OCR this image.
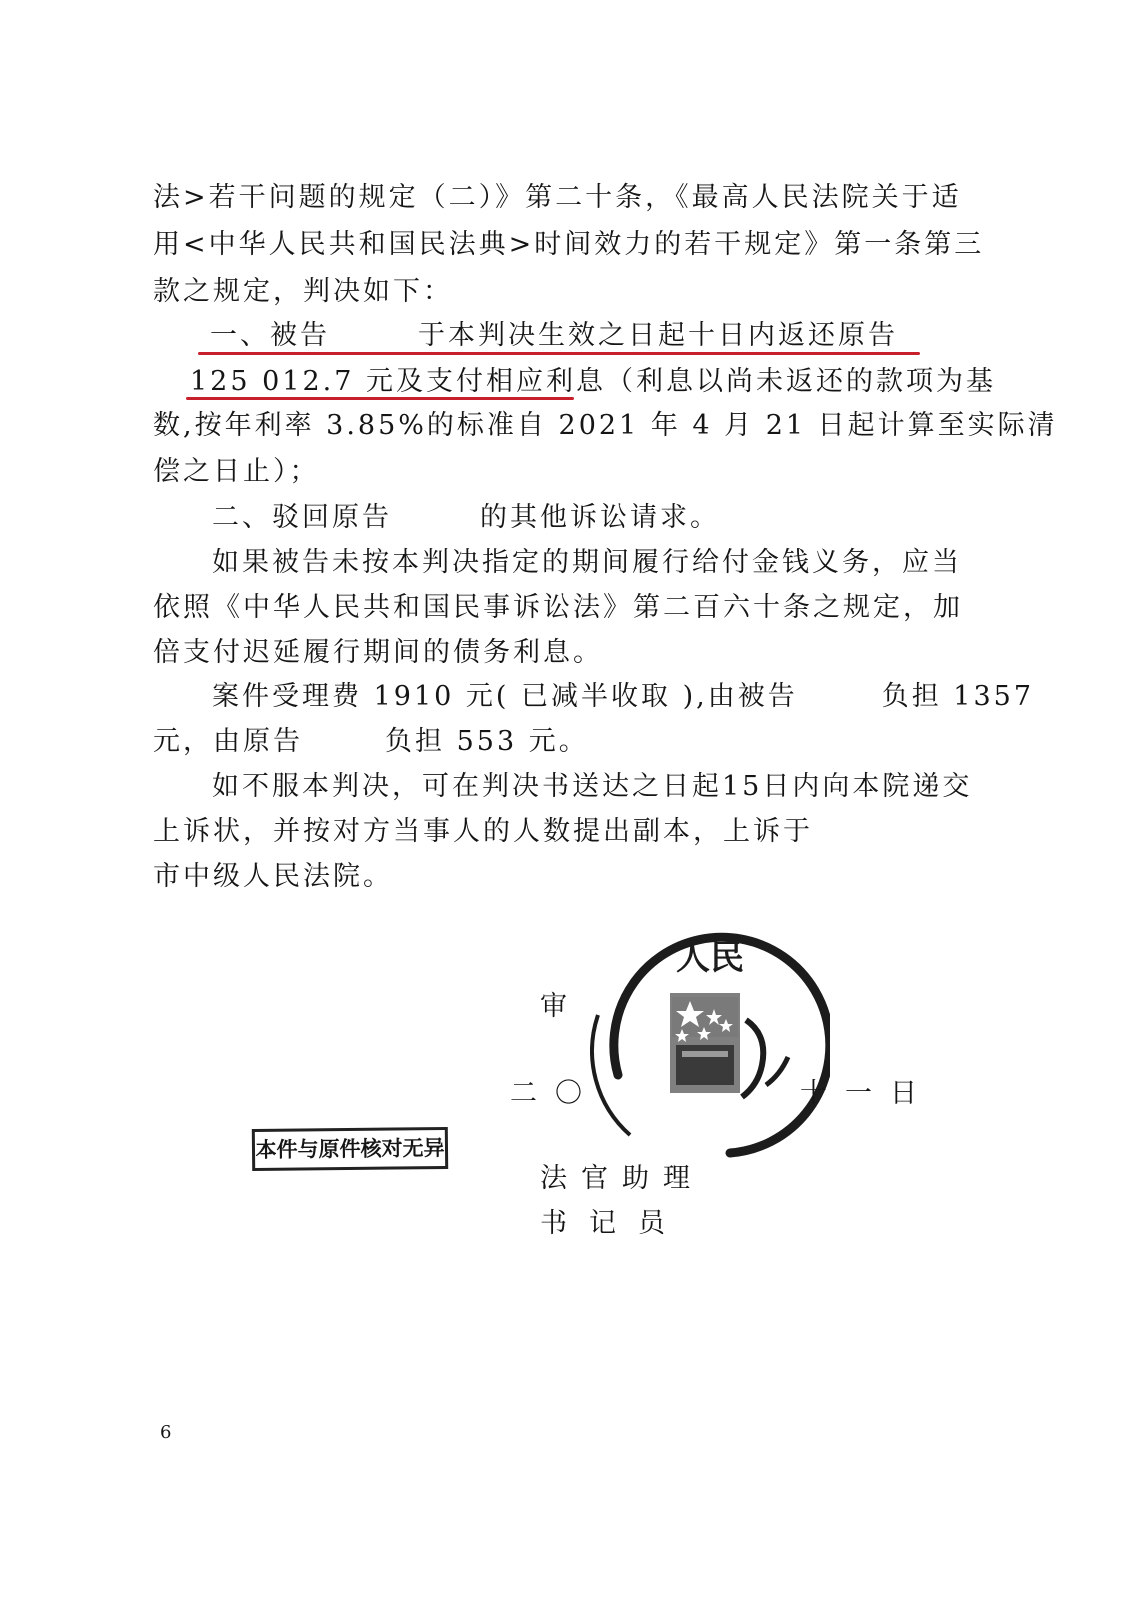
法>若干问题的规定（二）》第二十条，《最高人民法院关于适
用<中华人民共和国民法典>时间效力的若干规定》第一条第三
款之规定，判决如下：
一、被告	于本判决生效之日起十日内返还原告
125 012.7 元及支付相应利息（利息以尚未返还的款项为基
数,按年利率 3.85%的标准自 2021 年 4 月 21 日起计算至实际清
偿之日止）；
二、驳回原告	的其他诉讼请求。
如果被告未按本判决指定的期间履行给付金钱义务，应当
依照《中华人民共和国民事诉讼法》第二百六十条之规定，加
倍支付迟延履行期间的债务利息。
案件受理费 1910 元( 已减半收取 ),由被告	负担 1357
元，由原告	负担 553 元。
如不服本判决，可在判决书送达之日起15日内向本院递交
上诉状，并按对方当事人的人数提出副本，上诉于
市中级人民法院。
人民
审
二〇	十一日
法官助理
书记员
本件与原件核对无异
6
